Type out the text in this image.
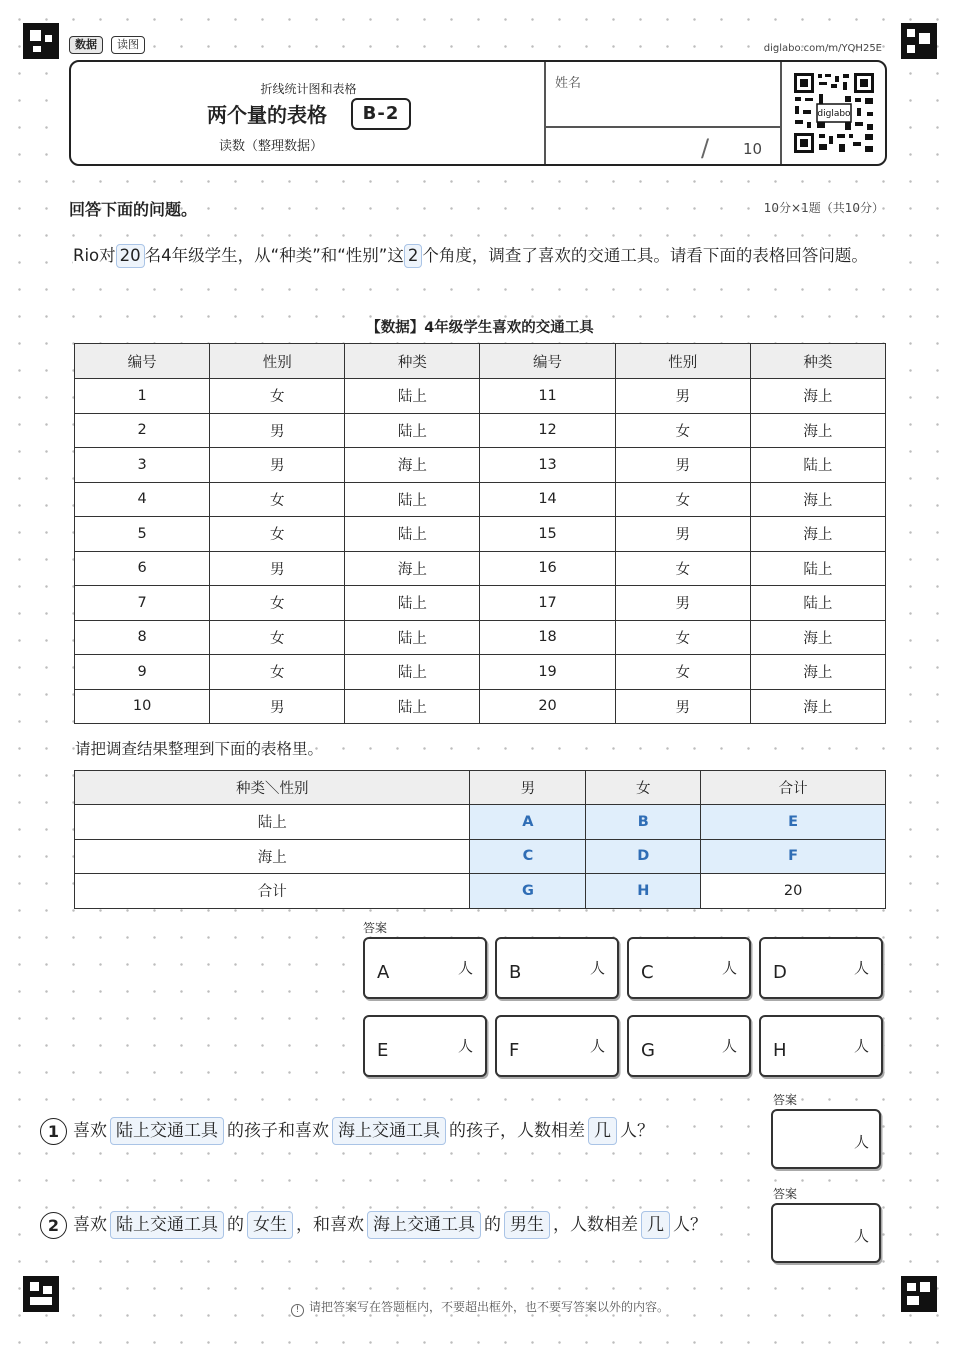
数据	读图	diglabo.com/m/YQH25E
折线统计图和表格
两个量的表格	B-2
读数（整理数据）
姓名
/ 10
diglabo
回答下面的问题。	10分×1题（共10分）
Rio对 20 名4年级学生，从“种类”和“性别”这 2 个角度，调查了喜欢的交通工具。请看下面的表格回答问题。
【数据】4年级学生喜欢的交通工具
编号	性别	种类	编号	性别	种类
1	女	陆上	11	男	海上
2	男	陆上	12	女	海上
3	男	海上	13	男	陆上
4	女	陆上	14	女	海上
5	女	陆上	15	男	海上
6	男	海上	16	女	陆上
7	女	陆上	17	男	陆上
8	女	陆上	18	女	海上
9	女	陆上	19	女	海上
10	男	陆上	20	男	海上
请把调查结果整理到下面的表格里。
种类＼性别	男	女	合计
陆上	A	B	E
海上	C	D	F
合计	G	H	20
答案
A	人 B	人 C	人 D	人
E	人 F	人 G	人 H	人
1 喜欢 陆上交通工具 的孩子和喜欢 海上交通工具 的孩子，人数相差 几 人？
答案
人
2 喜欢 陆上交通工具 的 女生 ，和喜欢 海上交通工具 的 男生 ，人数相差 几 人？
答案
人
! 请把答案写在答题框内，不要超出框外，也不要写答案以外的内容。
